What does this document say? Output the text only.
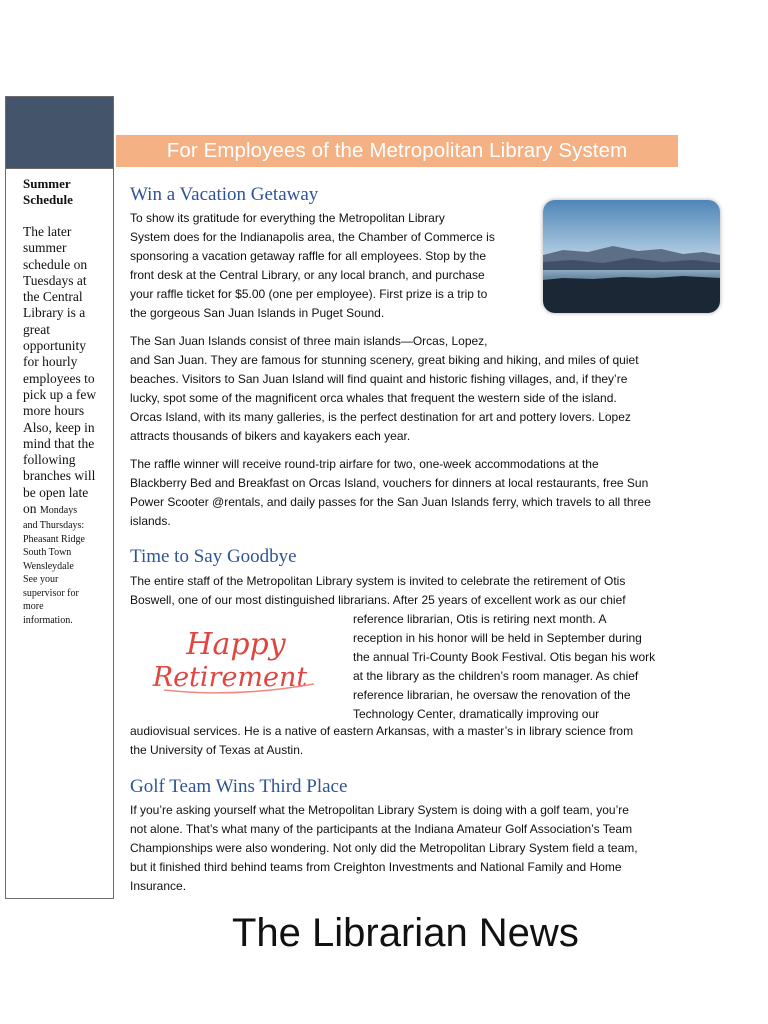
Summer
Schedule
The later
summer
schedule on
Tuesdays at
the Central
Library is a
great
opportunity
for hourly
employees to
pick up a few
more hours
Also, keep in
mind that the
following
branches will
be open late
on Mondays
and Thursdays:
Pheasant Ridge
South Town
Wensleydale
See your
supervisor for
more
information.
For Employees of the Metropolitan Library System
Win a Vacation Getaway
To show its gratitude for everything the Metropolitan Library
System does for the Indianapolis area, the Chamber of Commerce is
sponsoring a vacation getaway raffle for all employees. Stop by the
front desk at the Central Library, or any local branch, and purchase
your raffle ticket for $5.00 (one per employee). First prize is a trip to
the gorgeous San Juan Islands in Puget Sound.
The San Juan Islands consist of three main islands—Orcas, Lopez,
and San Juan. They are famous for stunning scenery, great biking and hiking, and miles of quiet
beaches. Visitors to San Juan Island will find quaint and historic fishing villages, and, if they’re
lucky, spot some of the magnificent orca whales that frequent the western side of the island.
Orcas Island, with its many galleries, is the perfect destination for art and pottery lovers. Lopez
attracts thousands of bikers and kayakers each year.
The raffle winner will receive round-trip airfare for two, one-week accommodations at the
Blackberry Bed and Breakfast on Orcas Island, vouchers for dinners at local restaurants, free Sun
Power Scooter @rentals, and daily passes for the San Juan Islands ferry, which travels to all three
islands.
Time to Say Goodbye
The entire staff of the Metropolitan Library system is invited to celebrate the retirement of Otis
Boswell, one of our most distinguished librarians. After 25 years of excellent work as our chief
Happy
Retirement
reference librarian, Otis is retiring next month. A
reception in his honor will be held in September during
the annual Tri-County Book Festival. Otis began his work
at the library as the children’s room manager. As chief
reference librarian, he oversaw the renovation of the
Technology Center, dramatically improving our
audiovisual services. He is a native of eastern Arkansas, with a master’s in library science from
the University of Texas at Austin.
Golf Team Wins Third Place
If you’re asking yourself what the Metropolitan Library System is doing with a golf team, you’re
not alone. That’s what many of the participants at the Indiana Amateur Golf Association’s Team
Championships were also wondering. Not only did the Metropolitan Library System field a team,
but it finished third behind teams from Creighton Investments and National Family and Home
Insurance.
The Librarian News
